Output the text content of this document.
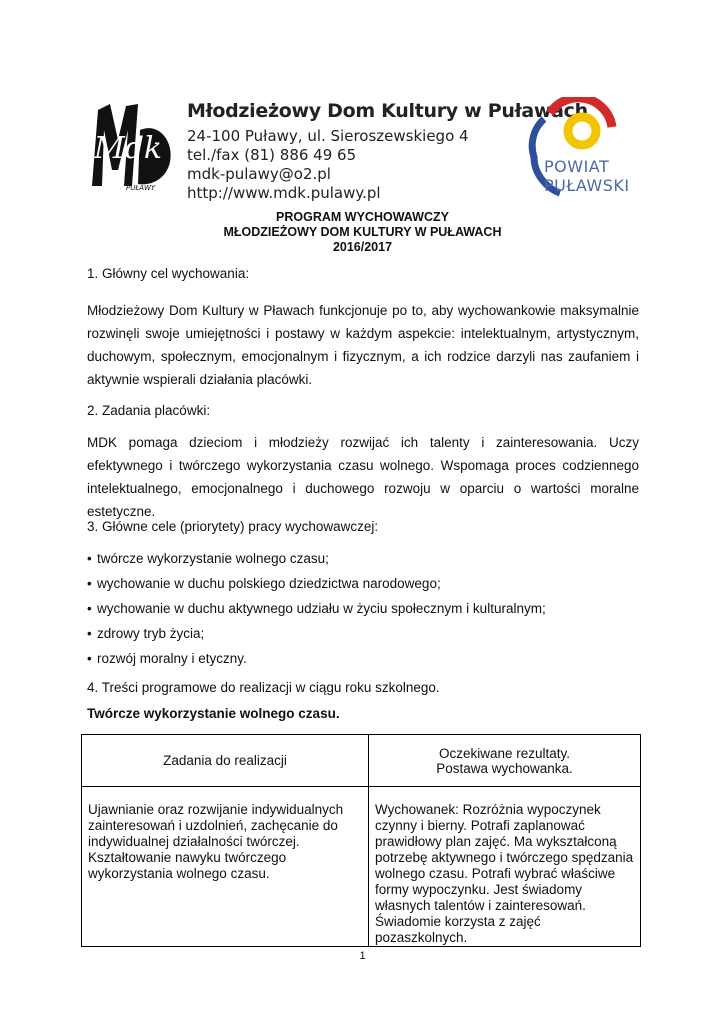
Mdk
PUŁAWY

Młodzieżowy Dom Kultury w Puławach

24-100 Puławy, ul. Sieroszewskiego 4

tel./fax (81) 886 49 65

mdk-pulawy@o2.pl

http://www.mdk.pulawy.pl

POWIAT
PUŁAWSKI
PROGRAM WYCHOWAWCZY
MŁODZIEŻOWY DOM KULTURY W PUŁAWACH
2016/2017

1. Główny cel wychowania:

Młodzieżowy Dom Kultury w Pławach funkcjonuje po to, aby wychowankowie maksymalnie rozwinęli swoje umiejętności i postawy w każdym aspekcie: intelektualnym, artystycznym, duchowym, społecznym, emocjonalnym i fizycznym, a ich rodzice darzyli nas zaufaniem i aktywnie wspierali działania placówki.

2. Zadania placówki:

MDK pomaga dzieciom i młodzieży rozwijać ich talenty i zainteresowania. Uczy efektywnego i twórczego wykorzystania czasu wolnego. Wspomaga proces codziennego intelektualnego, emocjonalnego i duchowego rozwoju w oparciu o wartości moralne estetyczne.

3. Główne cele (priorytety) pracy wychowawczej:

• twórcze wykorzystanie wolnego czasu;
• wychowanie w duchu polskiego dziedzictwa narodowego;
• wychowanie w duchu aktywnego udziału w życiu społecznym i kulturalnym;
• zdrowy tryb życia;
• rozwój moralny i etyczny.

4. Treści programowe do realizacji w ciągu roku szkolnego.

Twórcze wykorzystanie wolnego czasu.

Zadania do realizacji	Oczekiwane rezultaty.
Postawa wychowanka.

Ujawnianie oraz rozwijanie indywidualnych zainteresowań i uzdolnień, zachęcanie do indywidualnej działalności twórczej. Kształtowanie nawyku twórczego wykorzystania wolnego czasu.	Wychowanek: Rozróżnia wypoczynek czynny i bierny. Potrafi zaplanować prawidłowy plan zajęć. Ma wykształconą potrzebę aktywnego i twórczego spędzania wolnego czasu. Potrafi wybrać właściwe formy wypoczynku. Jest świadomy własnych talentów i zainteresowań. Świadomie korzysta z zajęć pozaszkolnych.
1
